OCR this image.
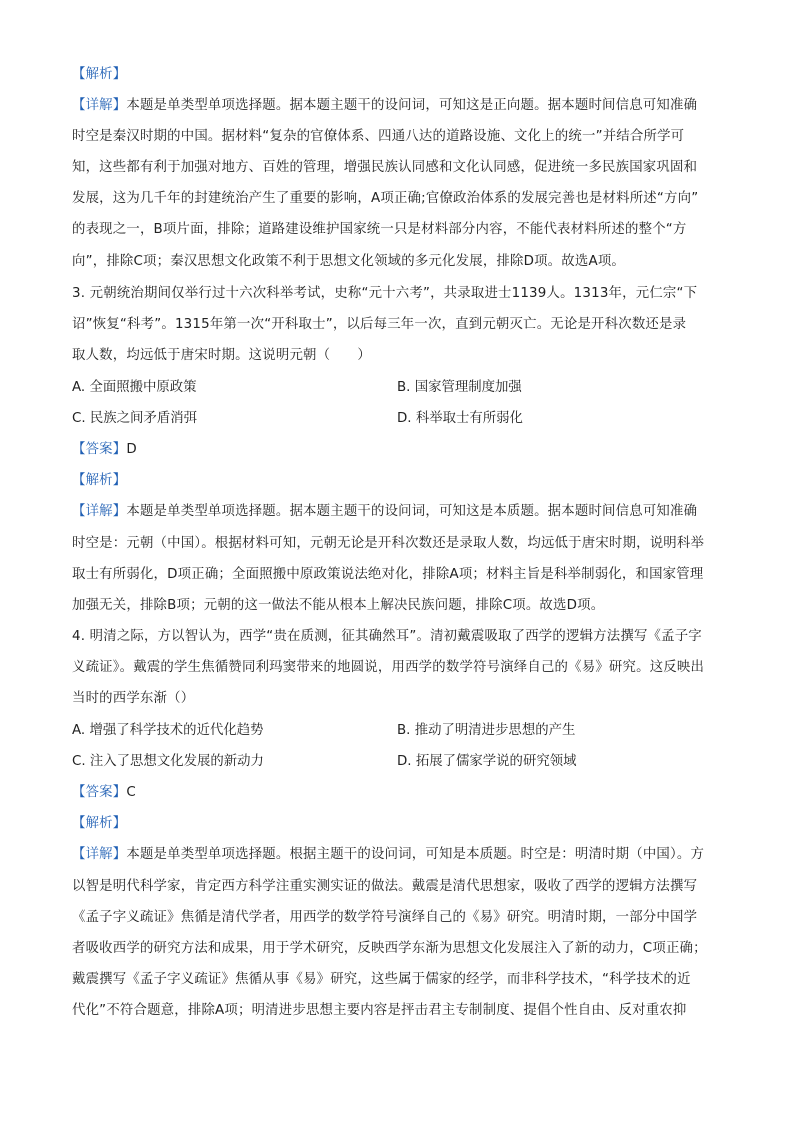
【解析】
【详解】本题是单类型单项选择题。据本题主题干的设问词，可知这是正向题。据本题时间信息可知准确
时空是秦汉时期的中国。据材料“复杂的官僚体系、四通八达的道路设施、文化上的统一”并结合所学可
知，这些都有利于加强对地方、百姓的管理，增强民族认同感和文化认同感，促进统一多民族国家巩固和
发展，这为几千年的封建统治产生了重要的影响，A项正确;官僚政治体系的发展完善也是材料所述“方向”
的表现之一，B项片面，排除；道路建设维护国家统一只是材料部分内容，不能代表材料所述的整个“方
向”，排除C项；秦汉思想文化政策不利于思想文化领域的多元化发展，排除D项。故选A项。
3. 元朝统治期间仅举行过十六次科举考试，史称“元十六考”，共录取进士1139人。1313年，元仁宗“下
诏”恢复“科考”。1315年第一次“开科取士”，以后每三年一次，直到元朝灭亡。无论是开科次数还是录
取人数，均远低于唐宋时期。这说明元朝（　　）
A. 全面照搬中原政策	B. 国家管理制度加强
C. 民族之间矛盾消弭	D. 科举取士有所弱化
【答案】D
【解析】
【详解】本题是单类型单项选择题。据本题主题干的设问词，可知这是本质题。据本题时间信息可知准确
时空是：元朝（中国）。根据材料可知，元朝无论是开科次数还是录取人数，均远低于唐宋时期，说明科举
取士有所弱化，D项正确；全面照搬中原政策说法绝对化，排除A项；材料主旨是科举制弱化，和国家管理
加强无关，排除B项；元朝的这一做法不能从根本上解决民族问题，排除C项。故选D项。
4. 明清之际，方以智认为，西学“贵在质测，征其确然耳”。清初戴震吸取了西学的逻辑方法撰写《孟子字
义疏证》。戴震的学生焦循赞同利玛窦带来的地圆说，用西学的数学符号演绎自己的《易》研究。这反映出
当时的西学东渐（）
A. 增强了科学技术的近代化趋势	B. 推动了明清进步思想的产生
C. 注入了思想文化发展的新动力	D. 拓展了儒家学说的研究领域
【答案】C
【解析】
【详解】本题是单类型单项选择题。根据主题干的设问词，可知是本质题。时空是：明清时期（中国）。方
以智是明代科学家，肯定西方科学注重实测实证的做法。戴震是清代思想家，吸收了西学的逻辑方法撰写
《孟子字义疏证》焦循是清代学者，用西学的数学符号演绎自己的《易》研究。明清时期，一部分中国学
者吸收西学的研究方法和成果，用于学术研究，反映西学东渐为思想文化发展注入了新的动力，C项正确；
戴震撰写《孟子字义疏证》焦循从事《易》研究，这些属于儒家的经学，而非科学技术，“科学技术的近
代化”不符合题意，排除A项；明清进步思想主要内容是抨击君主专制制度、提倡个性自由、反对重农抑
